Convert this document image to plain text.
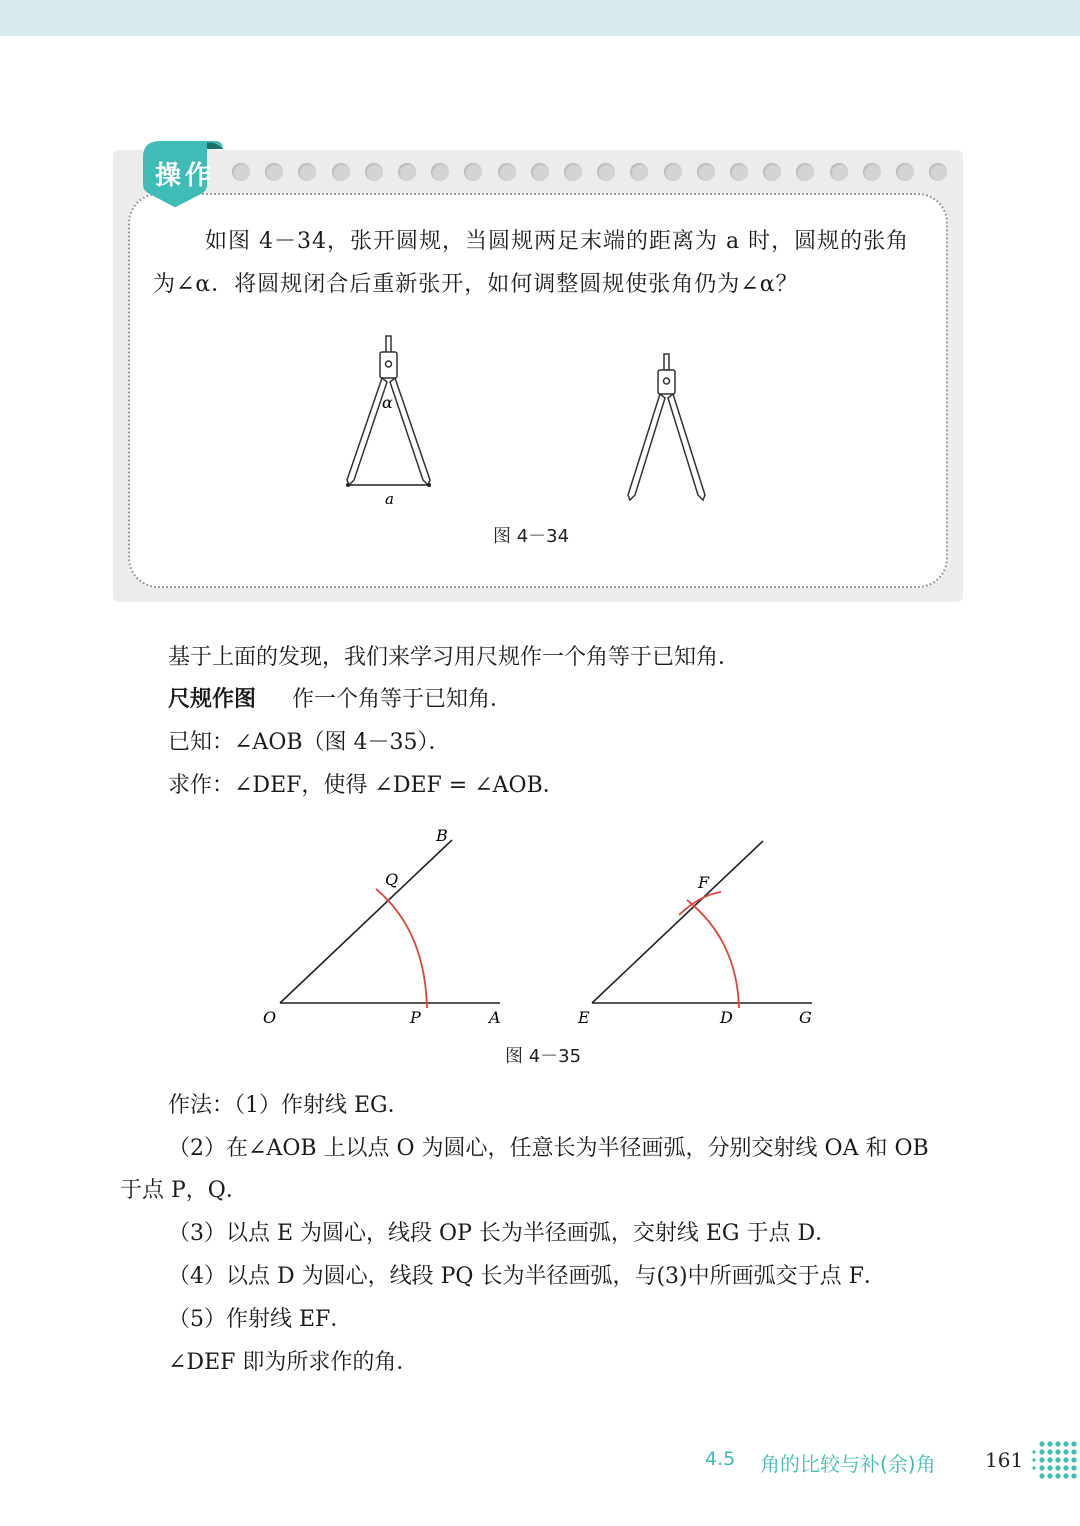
操作
如图 4－34，张开圆规，当圆规两足末端的距离为 a 时，圆规的张角
为∠α．将圆规闭合后重新张开，如何调整圆规使张角仍为∠α？
α
a
图 4－34
基于上面的发现，我们来学习用尺规作一个角等于已知角．
尺规作图 作一个角等于已知角．
已知：∠AOB（图 4－35）．
求作：∠DEF，使得 ∠DEF = ∠AOB．
B
Q
O	P	A
F
E	D	G
图 4－35
作法：（1）作射线 EG．
（2）在∠AOB 上以点 O 为圆心，任意长为半径画弧，分别交射线 OA 和 OB
于点 P，Q．
（3）以点 E 为圆心，线段 OP 长为半径画弧，交射线 EG 于点 D．
（4）以点 D 为圆心，线段 PQ 长为半径画弧，与(3)中所画弧交于点 F．
（5）作射线 EF．
∠DEF 即为所求作的角．
4.5 角的比较与补(余)角 161
